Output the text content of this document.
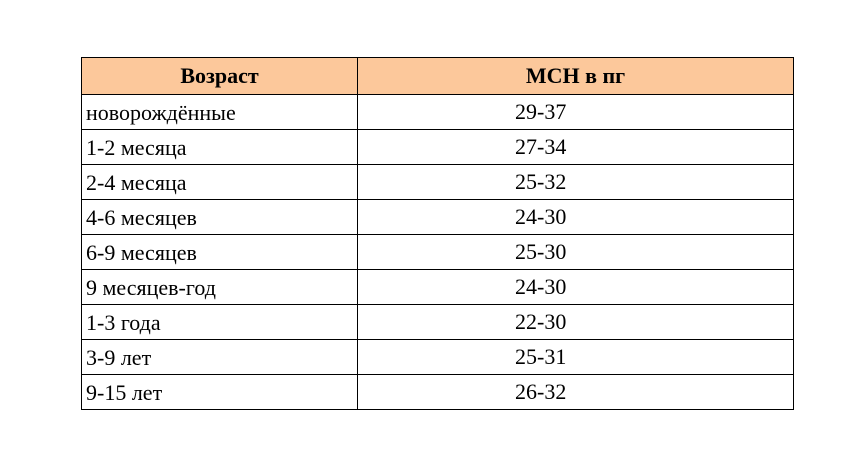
Возраст	МСН в пг
новорождённые	29-37
1-2 месяца	27-34
2-4 месяца	25-32
4-6 месяцев	24-30
6-9 месяцев	25-30
9 месяцев-год	24-30
1-3 года	22-30
3-9 лет	25-31
9-15 лет	26-32
